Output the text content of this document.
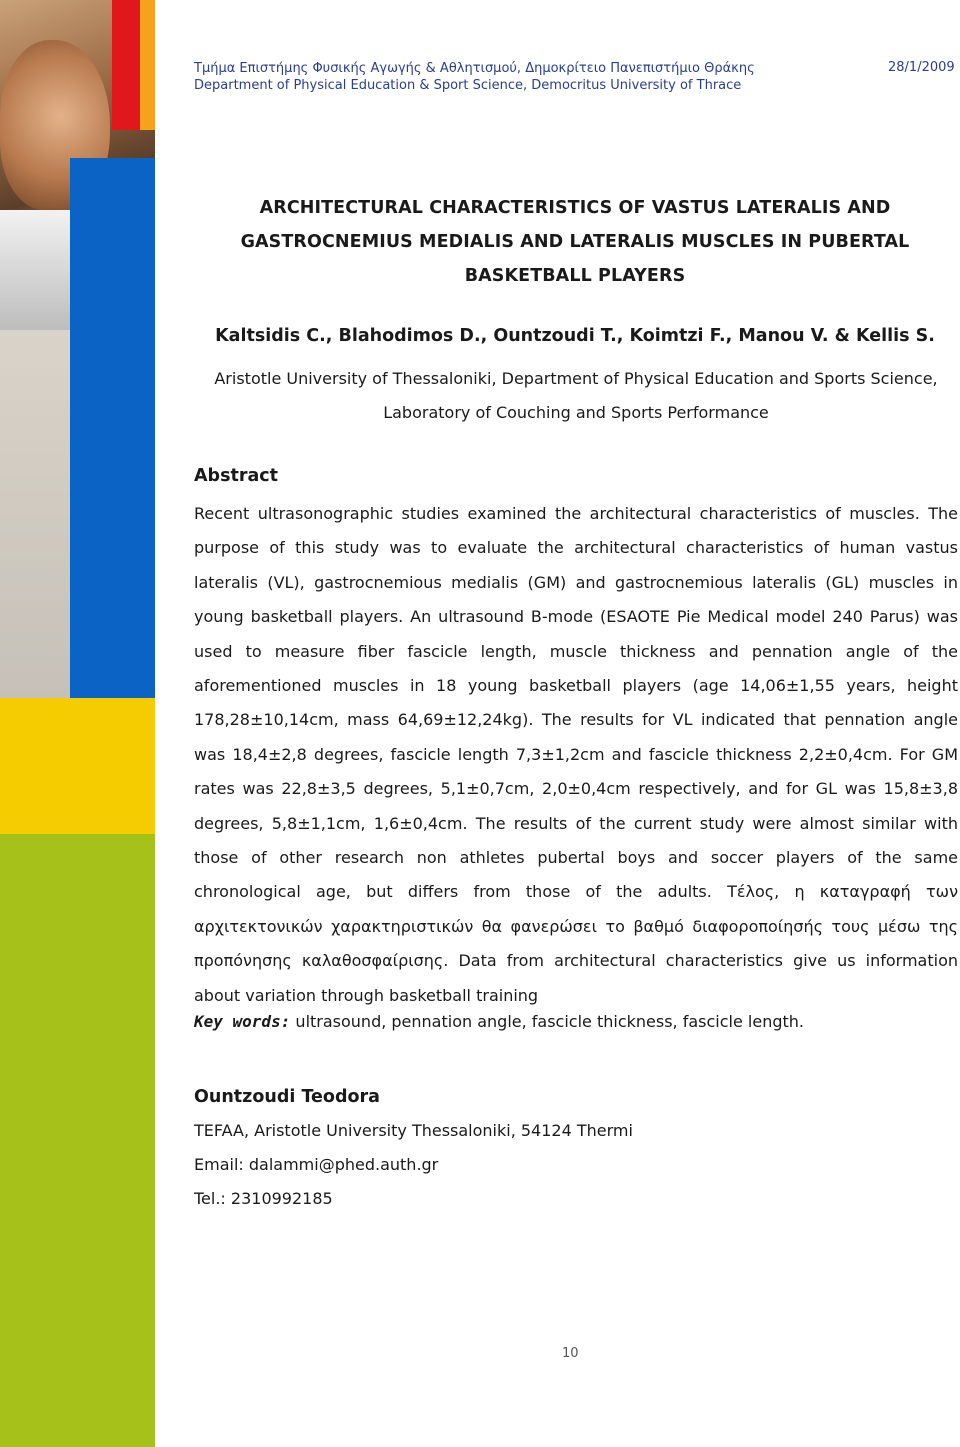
Τμήμα Επιστήμης Φυσικής Αγωγής & Αθλητισμού, Δημοκρίτειο Πανεπιστήμιο Θράκης
Department of Physical Education & Sport Science, Democritus University of Thrace
28/1/2009
ARCHITECTURAL CHARACTERISTICS OF VASTUS LATERALIS AND
GASTROCNEMIUS MEDIALIS AND LATERALIS MUSCLES IN PUBERTAL
BASKETBALL PLAYERS
Kaltsidis C., Blahodimos D., Ountzoudi T., Koimtzi F., Manou V. & Kellis S.
Aristotle University of Thessaloniki, Department of Physical Education and Sports Science,
Laboratory of Couching and Sports Performance
Abstract

Recent ultrasonographic studies examined the architectural characteristics of muscles. The purpose of this study was to evaluate the architectural characteristics of human vastus lateralis (VL), gastrocnemious medialis (GM) and gastrocnemious lateralis (GL) muscles in young basketball players. An ultrasound B-mode (ESAOTE Pie Medical model 240 Parus) was used to measure fiber fascicle length, muscle thickness and pennation angle of the aforementioned muscles in 18 young basketball players (age 14,06±1,55 years, height 178,28±10,14cm, mass 64,69±12,24kg). The results for VL indicated that pennation angle was 18,4±2,8 degrees, fascicle length 7,3±1,2cm and fascicle thickness 2,2±0,4cm. For GM rates was 22,8±3,5 degrees, 5,1±0,7cm, 2,0±0,4cm respectively, and for GL was 15,8±3,8 degrees, 5,8±1,1cm, 1,6±0,4cm. The results of the current study were almost similar with those of other research non athletes pubertal boys and soccer players of the same chronological age, but differs from those of the adults. Τέλος, η καταγραφή των αρχιτεκτονικών χαρακτηριστικών θα φανερώσει το βαθμό διαφοροποίησής τους μέσω της προπόνησης καλαθοσφαίρισης. Data from architectural characteristics give us information about variation through basketball training

Key words: ultrasound, pennation angle, fascicle thickness, fascicle length.
Ountzoudi Teodora
TEFAA, Aristotle University Thessaloniki, 54124 Thermi
Email: dalammi@phed.auth.gr
Tel.: 2310992185
10
